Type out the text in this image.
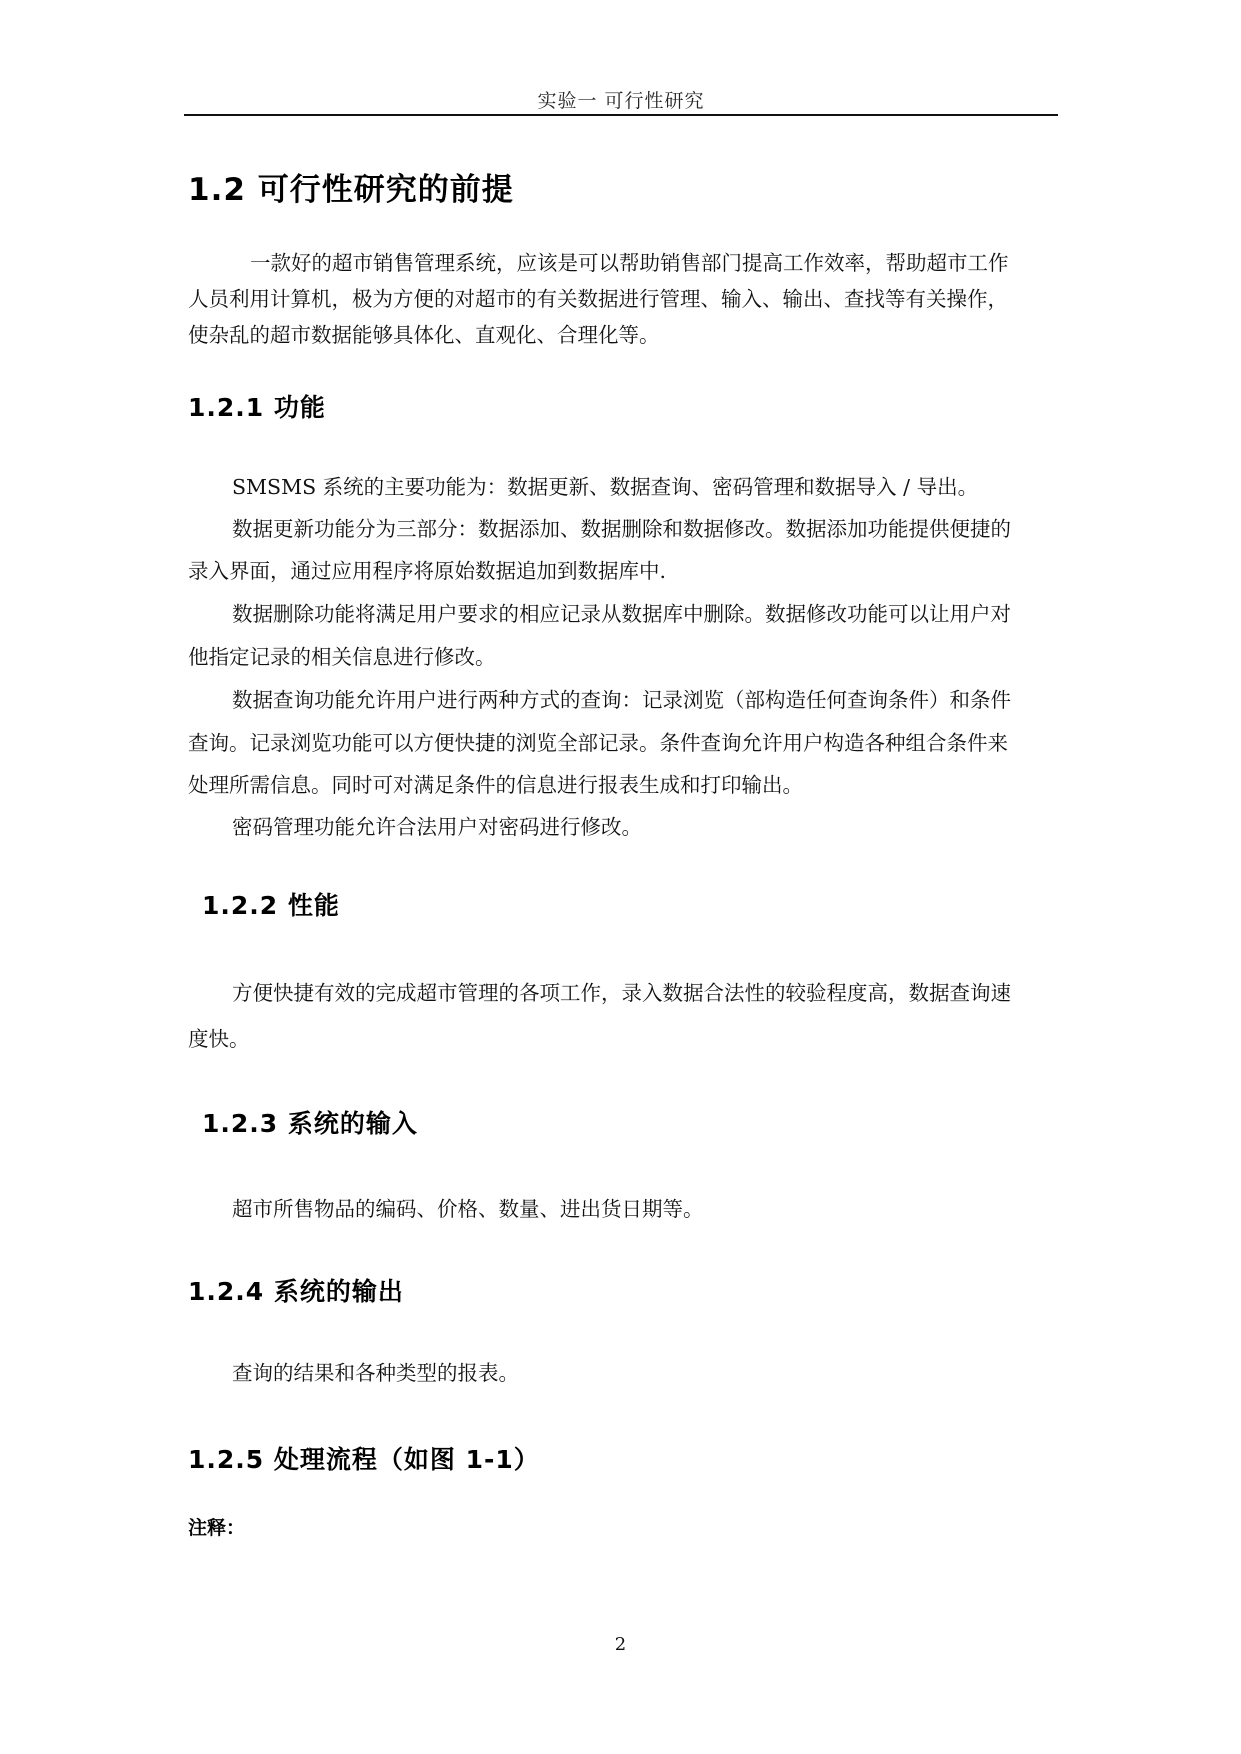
实验一 可行性研究
1.2 可行性研究的前提
一款好的超市销售管理系统，应该是可以帮助销售部门提高工作效率，帮助超市工作
人员利用计算机，极为方便的对超市的有关数据进行管理、输入、输出、查找等有关操作，
使杂乱的超市数据能够具体化、直观化、合理化等。
1.2.1 功能
SMSMS 系统的主要功能为：数据更新、数据查询、密码管理和数据导入 / 导出。
数据更新功能分为三部分：数据添加、数据删除和数据修改。数据添加功能提供便捷的
录入界面，通过应用程序将原始数据追加到数据库中.
数据删除功能将满足用户要求的相应记录从数据库中删除。数据修改功能可以让用户对
他指定记录的相关信息进行修改。
数据查询功能允许用户进行两种方式的查询：记录浏览（部构造任何查询条件）和条件
查询。记录浏览功能可以方便快捷的浏览全部记录。条件查询允许用户构造各种组合条件来
处理所需信息。同时可对满足条件的信息进行报表生成和打印输出。
密码管理功能允许合法用户对密码进行修改。
1.2.2 性能
方便快捷有效的完成超市管理的各项工作，录入数据合法性的较验程度高，数据查询速
度快。
1.2.3 系统的输入
超市所售物品的编码、价格、数量、进出货日期等。
1.2.4 系统的输出
查询的结果和各种类型的报表。
1.2.5 处理流程（如图 1-1）
注释：
2
